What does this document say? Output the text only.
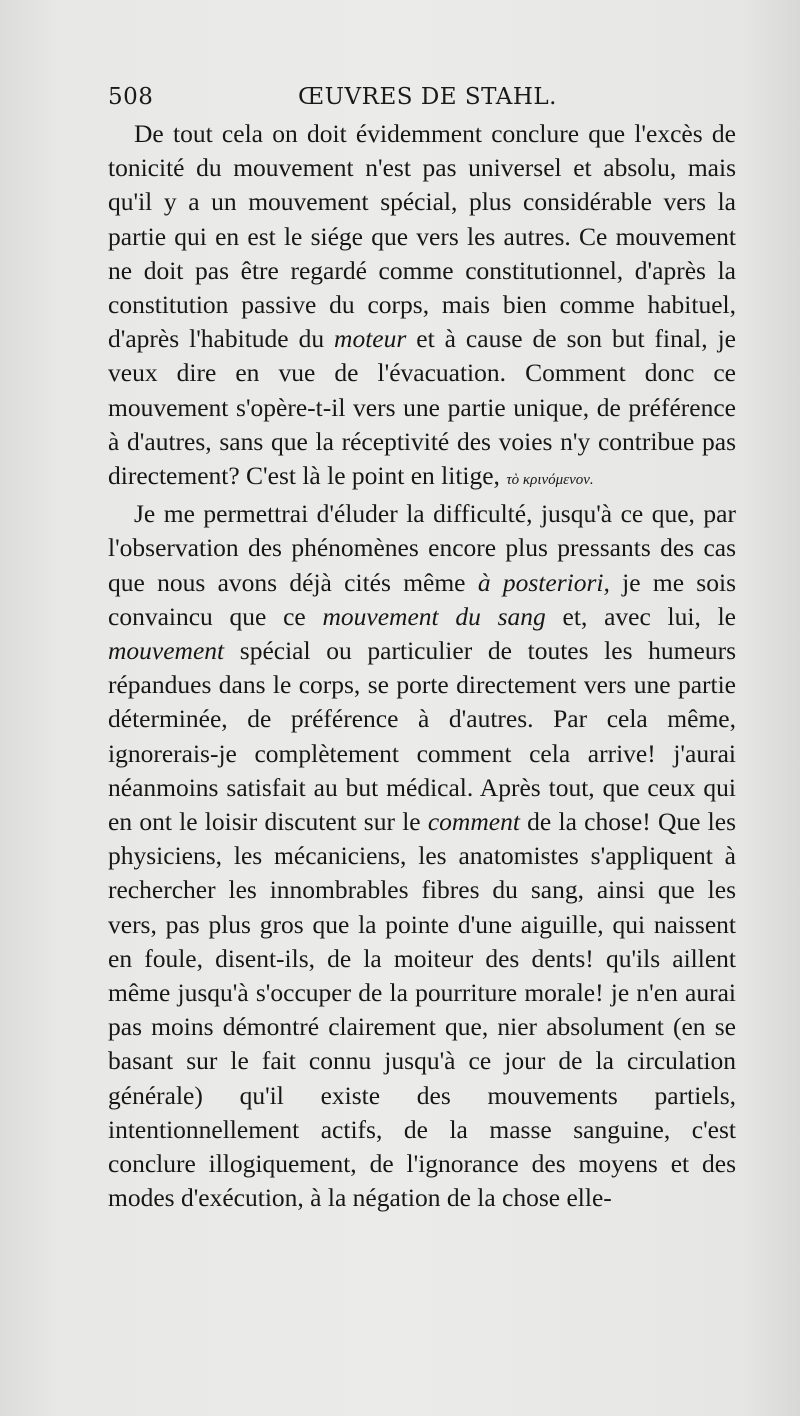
508	ŒUVRES DE STAHL.

De tout cela on doit évidemment conclure que l'excès de tonicité du mouvement n'est pas universel et absolu, mais qu'il y a un mouvement spécial, plus considérable vers la partie qui en est le siége que vers les autres. Ce mouvement ne doit pas être regardé comme constitutionnel, d'après la constitution passive du corps, mais bien comme habituel, d'après l'habitude du moteur et à cause de son but final, je veux dire en vue de l'évacuation. Comment donc ce mouvement s'opère-t-il vers une partie unique, de préférence à d'autres, sans que la réceptivité des voies n'y contribue pas directement? C'est là le point en litige, τὸ κρινόμενον.

Je me permettrai d'éluder la difficulté, jusqu'à ce que, par l'observation des phénomènes encore plus pressants des cas que nous avons déjà cités même à posteriori, je me sois convaincu que ce mouvement du sang et, avec lui, le mouvement spécial ou particulier de toutes les humeurs répandues dans le corps, se porte directement vers une partie déterminée, de préférence à d'autres. Par cela même, ignorerais-je complètement comment cela arrive! j'aurai néanmoins satisfait au but médical. Après tout, que ceux qui en ont le loisir discutent sur le comment de la chose! Que les physiciens, les mécaniciens, les anatomistes s'appliquent à rechercher les innombrables fibres du sang, ainsi que les vers, pas plus gros que la pointe d'une aiguille, qui naissent en foule, disent-ils, de la moiteur des dents! qu'ils aillent même jusqu'à s'occuper de la pourriture morale! je n'en aurai pas moins démontré clairement que, nier absolument (en se basant sur le fait connu jusqu'à ce jour de la circulation générale) qu'il existe des mouvements partiels, intentionnellement actifs, de la masse sanguine, c'est conclure illogiquement, de l'ignorance des moyens et des modes d'exécution, à la négation de la chose elle-
